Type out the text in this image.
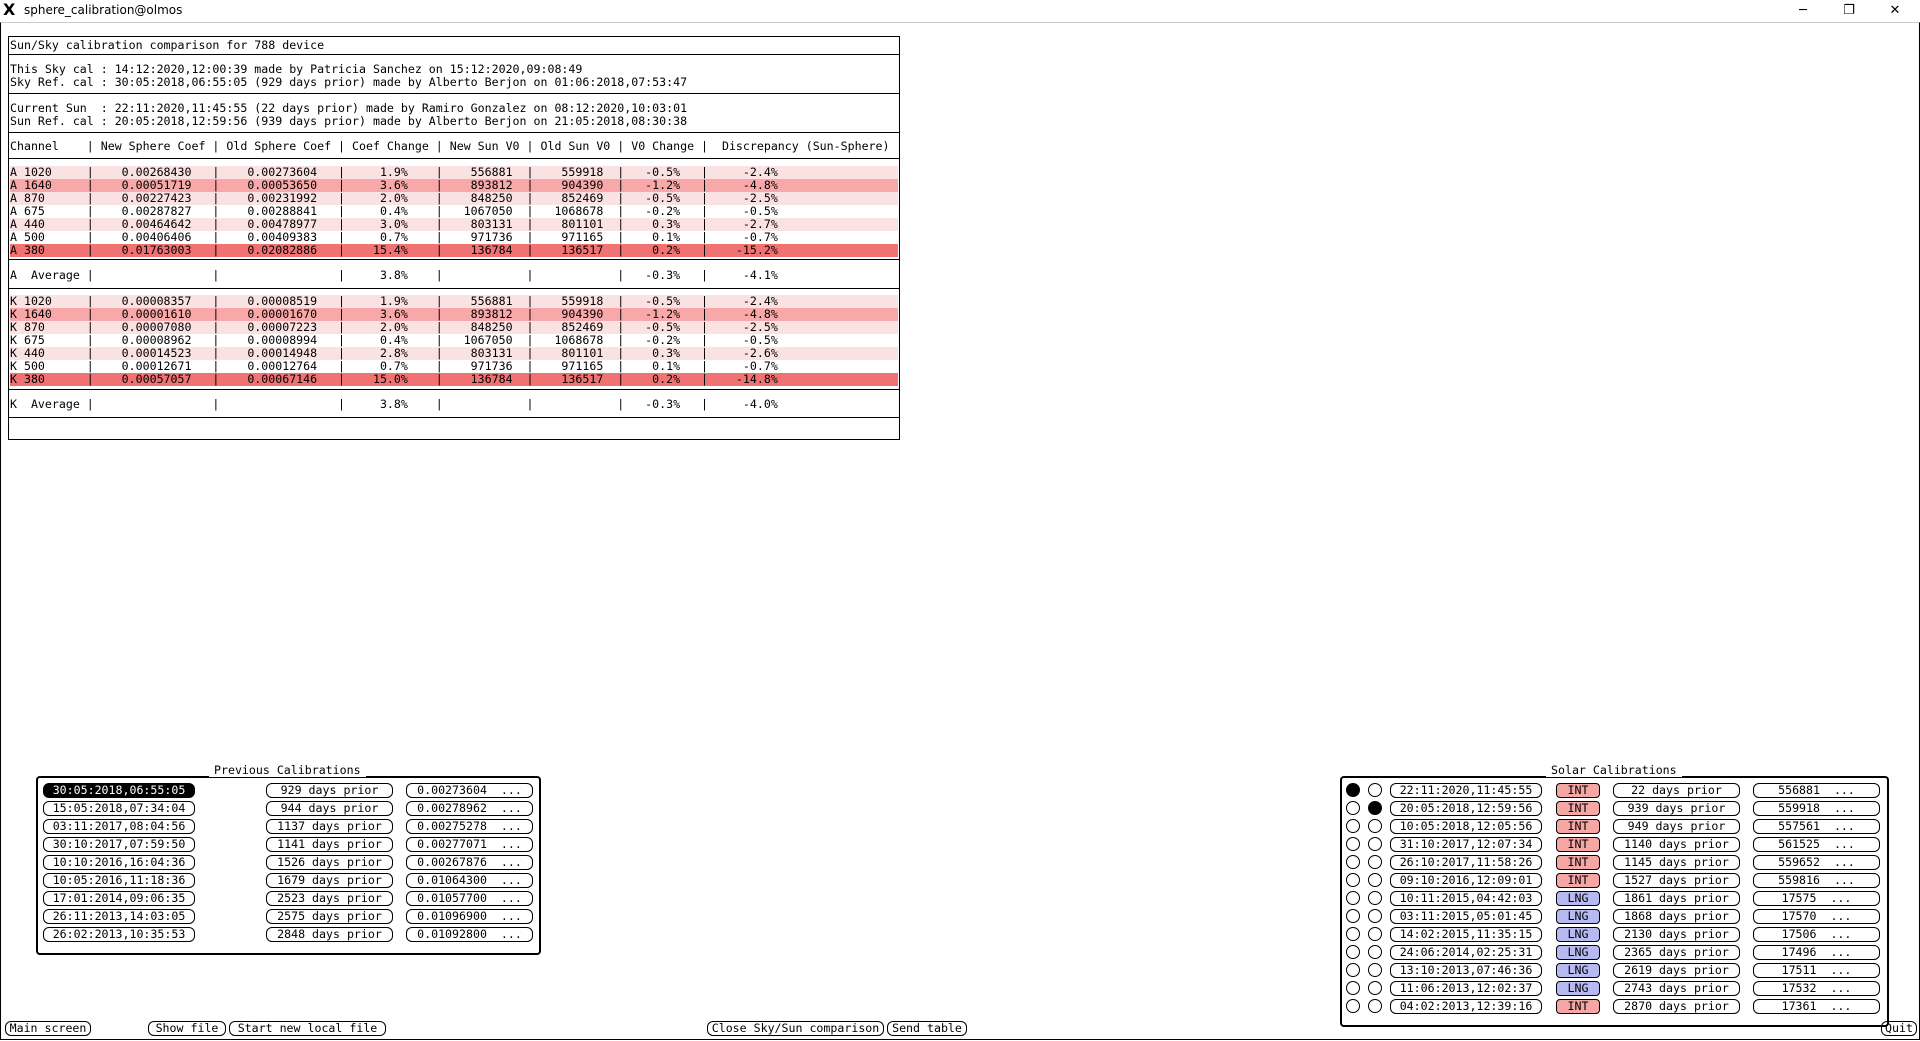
X sphere_calibration@olmos	─	❐	✕

Sun/Sky calibration comparison for 788 device

This Sky cal : 14:12:2020,12:00:39 made by Patricia Sanchez on 15:12:2020,09:08:49

Sky Ref. cal : 30:05:2018,06:55:05 (929 days prior) made by Alberto Berjon on 01:06:2018,07:53:47

Current Sun  : 22:11:2020,11:45:55 (22 days prior) made by Ramiro Gonzalez on 08:12:2020,10:03:01

Sun Ref. cal : 20:05:2018,12:59:56 (939 days prior) made by Alberto Berjon on 21:05:2018,08:30:38

Channel    | New Sphere Coef | Old Sphere Coef | Coef Change | New Sun V0 | Old Sun V0 | V0 Change |  Discrepancy (Sun-Sphere)

A 1020     |    0.00268430   |    0.00273604   |     1.9%    |    556881  |    559918  |   -0.5%   |     -2.4%

A 1640     |    0.00051719   |    0.00053650   |     3.6%    |    893812  |    904390  |   -1.2%   |     -4.8%

A 870      |    0.00227423   |    0.00231992   |     2.0%    |    848250  |    852469  |   -0.5%   |     -2.5%

A 675      |    0.00287827   |    0.00288841   |     0.4%    |   1067050  |   1068678  |   -0.2%   |     -0.5%

A 440      |    0.00464642   |    0.00478977   |     3.0%    |    803131  |    801101  |    0.3%   |     -2.7%

A 500      |    0.00406406   |    0.00409383   |     0.7%    |    971736  |    971165  |    0.1%   |     -0.7%

A 380      |    0.01763003   |    0.02082886   |    15.4%    |    136784  |    136517  |    0.2%   |    -15.2%

A  Average |                 |                 |     3.8%    |            |            |   -0.3%   |     -4.1%

K 1020     |    0.00008357   |    0.00008519   |     1.9%    |    556881  |    559918  |   -0.5%   |     -2.4%

K 1640     |    0.00001610   |    0.00001670   |     3.6%    |    893812  |    904390  |   -1.2%   |     -4.8%

K 870      |    0.00007080   |    0.00007223   |     2.0%    |    848250  |    852469  |   -0.5%   |     -2.5%

K 675      |    0.00008962   |    0.00008994   |     0.4%    |   1067050  |   1068678  |   -0.2%   |     -0.5%

K 440      |    0.00014523   |    0.00014948   |     2.8%    |    803131  |    801101  |    0.3%   |     -2.6%

K 500      |    0.00012671   |    0.00012764   |     0.7%    |    971736  |    971165  |    0.1%   |     -0.7%

K 380      |    0.00057057   |    0.00067146   |    15.0%    |    136784  |    136517  |    0.2%   |    -14.8%

K  Average |                 |                 |     3.8%    |            |            |   -0.3%   |     -4.0%

Previous Calibrations
30:05:2018,06:55:05	929 days prior	0.00273604  ...
15:05:2018,07:34:04	944 days prior	0.00278962  ...
03:11:2017,08:04:56	1137 days prior	0.00275278  ...
30:10:2017,07:59:50	1141 days prior	0.00277071  ...
10:10:2016,16:04:36	1526 days prior	0.00267876  ...
10:05:2016,11:18:36	1679 days prior	0.01064300  ...
17:01:2014,09:06:35	2523 days prior	0.01057700  ...
26:11:2013,14:03:05	2575 days prior	0.01096900  ...
26:02:2013,10:35:53	2848 days prior	0.01092800  ...
Solar Calibrations
22:11:2020,11:45:55	INT	22 days prior	556881  ...
20:05:2018,12:59:56	INT	939 days prior	559918  ...
10:05:2018,12:05:56	INT	949 days prior	557561  ...
31:10:2017,12:07:34	INT	1140 days prior	561525  ...
26:10:2017,11:58:26	INT	1145 days prior	559652  ...
09:10:2016,12:09:01	INT	1527 days prior	559816  ...
10:11:2015,04:42:03	LNG	1861 days prior	17575  ...
03:11:2015,05:01:45	LNG	1868 days prior	17570  ...
14:02:2015,11:35:15	LNG	2130 days prior	17506  ...
24:06:2014,02:25:31	LNG	2365 days prior	17496  ...
13:10:2013,07:46:36	LNG	2619 days prior	17511  ...
11:06:2013,12:02:37	LNG	2743 days prior	17532  ...
04:02:2013,12:39:16	INT	2870 days prior	17361  ...
Main screen	Show file	Start new local file	Close Sky/Sun comparison	Send table	Quit
